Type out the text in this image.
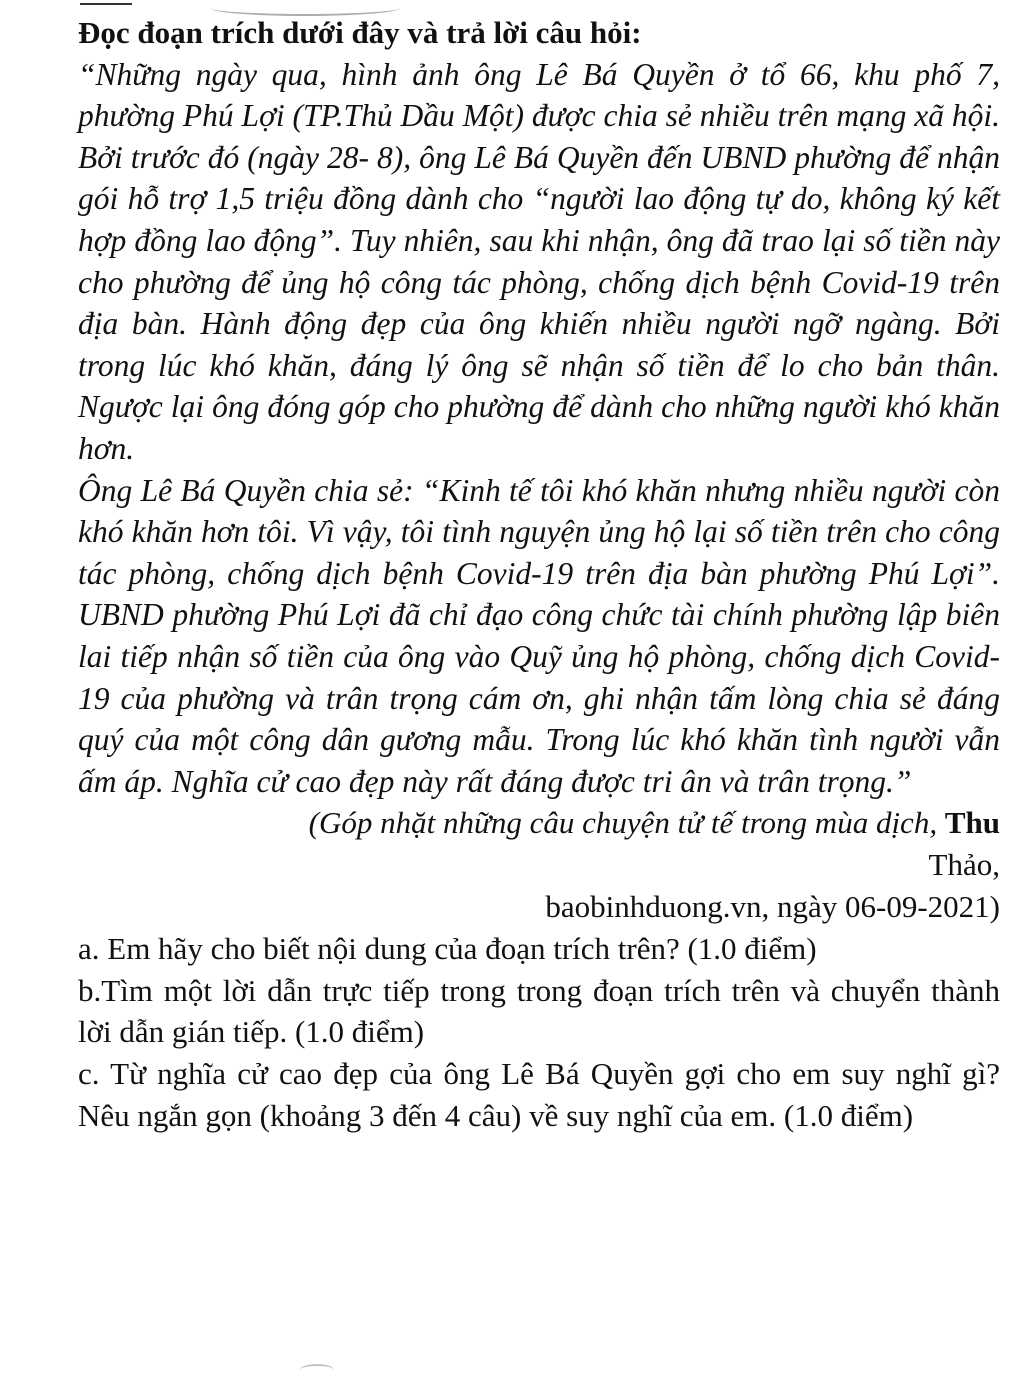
Đọc đoạn trích dưới đây và trả lời câu hỏi:

“Những ngày qua, hình ảnh ông Lê Bá Quyền ở tổ 66, khu phố 7, phường Phú Lợi (TP.Thủ Dầu Một) được chia sẻ nhiều trên mạng xã hội. Bởi trước đó (ngày 28- 8), ông Lê Bá Quyền đến UBND phường để nhận gói hỗ trợ 1,5 triệu đồng dành cho “người lao động tự do, không ký kết hợp đồng lao động”. Tuy nhiên, sau khi nhận, ông đã trao lại số tiền này cho phường để ủng hộ công tác phòng, chống dịch bệnh Covid-19 trên địa bàn. Hành động đẹp của ông khiến nhiều người ngỡ ngàng. Bởi trong lúc khó khăn, đáng lý ông sẽ nhận số tiền để lo cho bản thân. Ngược lại ông đóng góp cho phường để dành cho những người khó khăn hơn.

Ông Lê Bá Quyền chia sẻ: “Kinh tế tôi khó khăn nhưng nhiều người còn khó khăn hơn tôi. Vì vậy, tôi tình nguyện ủng hộ lại số tiền trên cho công tác phòng, chống dịch bệnh Covid-19 trên địa bàn phường Phú Lợi”. UBND phường Phú Lợi đã chỉ đạo công chức tài chính phường lập biên lai tiếp nhận số tiền của ông vào Quỹ ủng hộ phòng, chống dịch Covid-19 của phường và trân trọng cám ơn, ghi nhận tấm lòng chia sẻ đáng quý của một công dân gương mẫu. Trong lúc khó khăn tình người vẫn ấm áp. Nghĩa cử cao đẹp này rất đáng được tri ân và trân trọng.”

(Góp nhặt những câu chuyện tử tế trong mùa dịch, Thu

Thảo,

baobinhduong.vn, ngày 06-09-2021)

a. Em hãy cho biết nội dung của đoạn trích trên? (1.0 điểm)

b.Tìm một lời dẫn trực tiếp trong trong đoạn trích trên và chuyển thành lời dẫn gián tiếp. (1.0 điểm)

c. Từ nghĩa cử cao đẹp của ông Lê Bá Quyền gợi cho em suy nghĩ gì? Nêu ngắn gọn (khoảng 3 đến 4 câu) về suy nghĩ của em. (1.0 điểm)
